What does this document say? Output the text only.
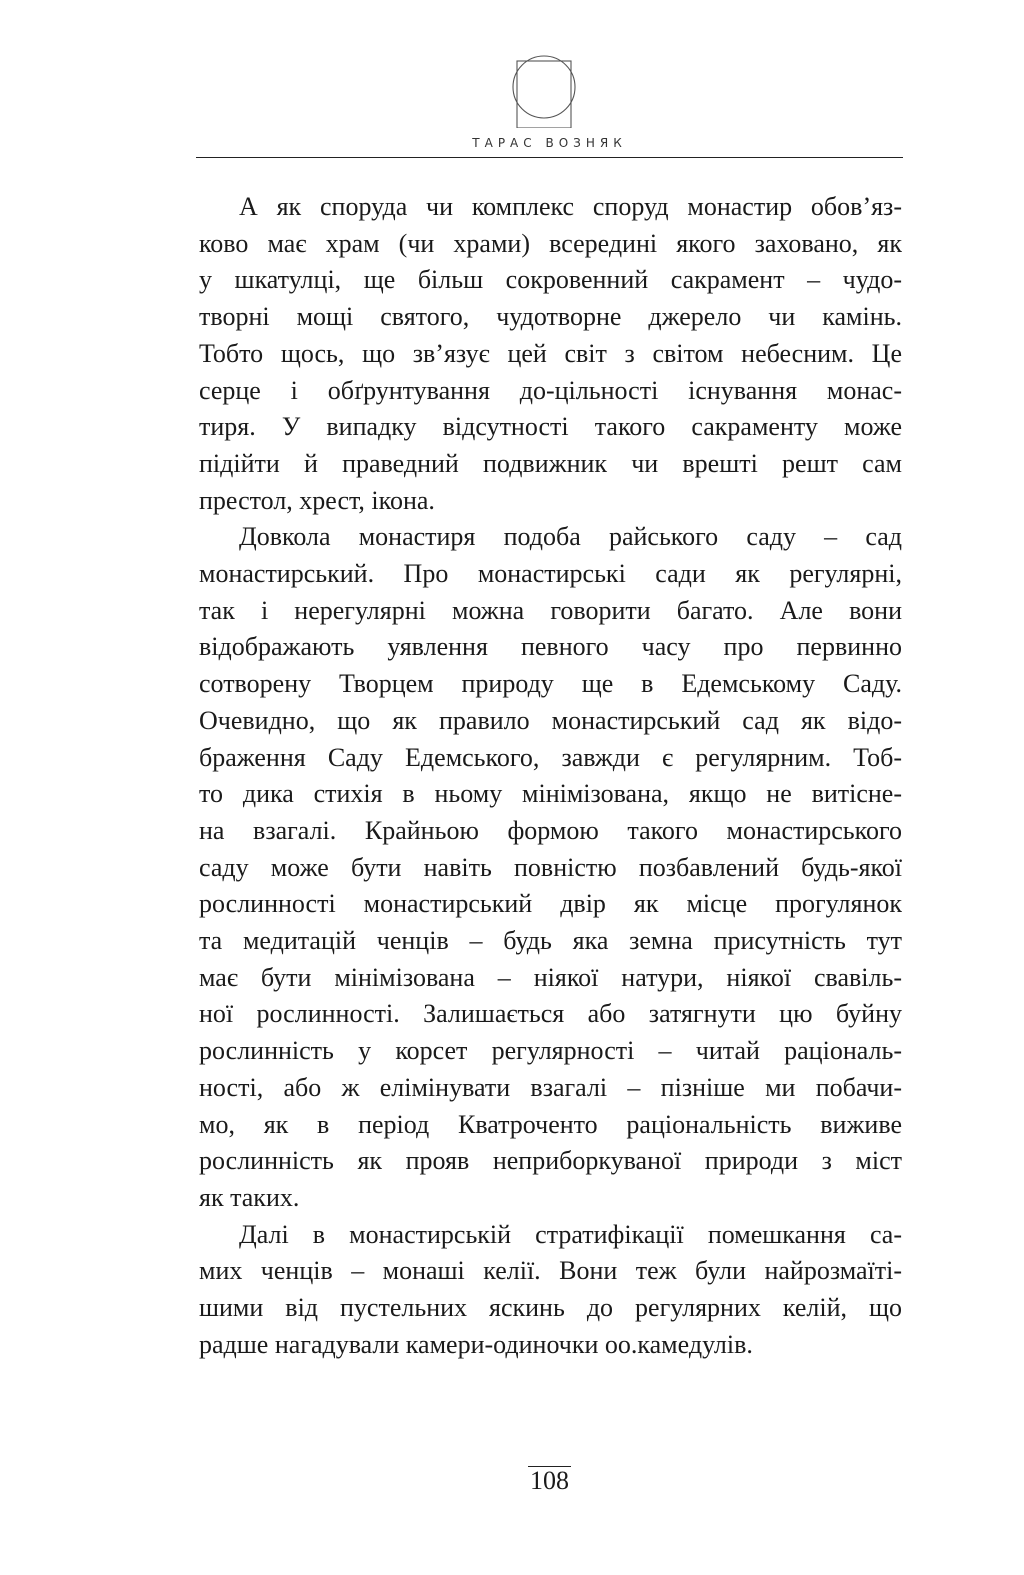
ТАРАС ВОЗНЯК
А як споруда чи комплекс споруд монастир обов’яз-
ково має храм (чи храми) всередині якого заховано, як
у шкатулці, ще більш сокровенний сакрамент – чудо-
творні мощі святого, чудотворне джерело чи камінь.
Тобто щось, що зв’язує цей світ з світом небесним. Це
серце і обґрунтування до-цільності існування монас-
тиря. У випадку відсутності такого сакраменту може
підійти й праведний подвижник чи врешті решт сам
престол, хрест, ікона.
Довкола монастиря подоба райського саду – сад
монастирський. Про монастирські сади як регулярні,
так і нерегулярні можна говорити багато. Але вони
відображають уявлення певного часу про первинно
сотворену Творцем природу ще в Едемському Саду.
Очевидно, що як правило монастирський сад як відо-
браження Саду Едемського, завжди є регулярним. Тоб-
то дика стихія в ньому мінімізована, якщо не витісне-
на взагалі. Крайньою формою такого монастирського
саду може бути навіть повністю позбавлений будь-якої
рослинності монастирський двір як місце прогулянок
та медитацій ченців – будь яка земна присутність тут
має бути мінімізована – ніякої натури, ніякої свавіль-
ної рослинності. Залишається або затягнути цю буйну
рослинність у корсет регулярності – читай раціональ-
ності, або ж елімінувати взагалі – пізніше ми побачи-
мо, як в період Кватроченто раціональність виживе
рослинність як прояв неприборкуваної природи з міст
як таких.
Далі в монастирській стратифікації помешкання са-
мих ченців – монаші келії. Вони теж були найрозмаїті-
шими від пустельних яскинь до регулярних келій, що
радше нагадували камери-одиночки оо.камедулів.
108
